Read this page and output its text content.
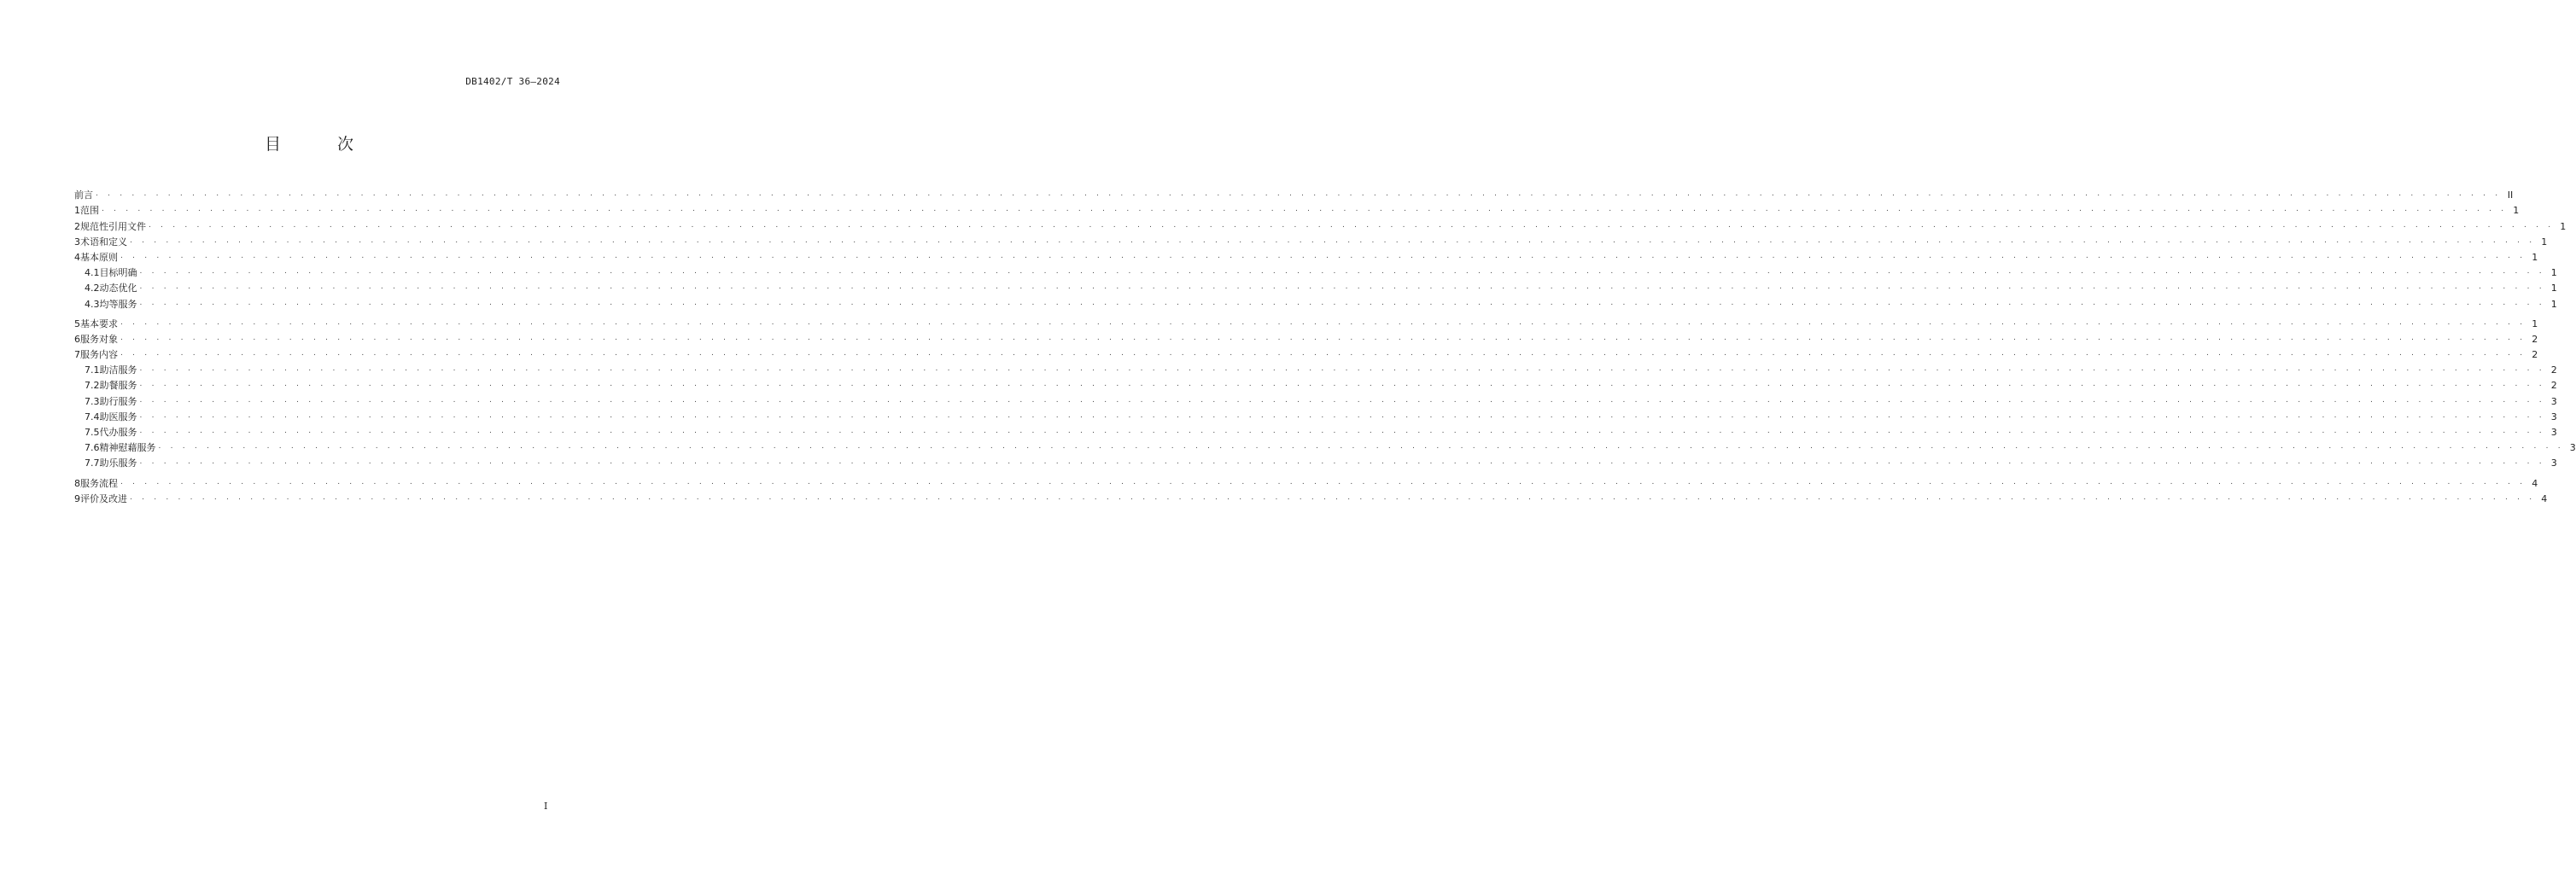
DB1402/T 36—2024
目 次
前言 . . . . . . . . . . . . . . . . . . . . . . . . . . . . . . . . . . . . . . . . . . . . . . . . . . . . . . . . . . . . . . . . . . . . . . . . . . . . . . . . . . . . . . . . . . . . . . . . . . . . . . . . . . . . . . . . . . . . . . . . . . . . . . . . . . . . . . . . . . . . . . . . . . . . . . . . . . . . . . . . . . . . . . . . . . . . . . . . . . . . . . . . . . . . . . . . . . . . . . . . II
1 范围 . . . . . . . . . . . . . . . . . . . . . . . . . . . . . . . . . . . . . . . . . . . . . . . . . . . . . . . . . . . . . . . . . . . . . . . . . . . . . . . . . . . . . . . . . . . . . . . . . . . . . . . . . . . . . . . . . . . . . . . . . . . . . . . . . . . . . . . . . . . . . . . . . . . . . . . . . . . . . . . . . . . . . . . . . . . . . . . . . . . . . . . . . . . . . . . . . . . . . . . . 1
2 规范性引用文件 . . . . . . . . . . . . . . . . . . . . . . . . . . . . . . . . . . . . . . . . . . . . . . . . . . . . . . . . . . . . . . . . . . . . . . . . . . . . . . . . . . . . . . . . . . . . . . . . . . . . . . . . . . . . . . . . . . . . . . . . . . . . . . . . . . . . . . . . . . . . . . . . . . . . . . . . . . . . . . . . . . . . . . . . . . . . . . . . . . . . . . . . . . . . . . . . . . . . . . . . 1
3 术语和定义 . . . . . . . . . . . . . . . . . . . . . . . . . . . . . . . . . . . . . . . . . . . . . . . . . . . . . . . . . . . . . . . . . . . . . . . . . . . . . . . . . . . . . . . . . . . . . . . . . . . . . . . . . . . . . . . . . . . . . . . . . . . . . . . . . . . . . . . . . . . . . . . . . . . . . . . . . . . . . . . . . . . . . . . . . . . . . . . . . . . . . . . . . . . . . . . . . . . . . . . . 1
4 基本原则 . . . . . . . . . . . . . . . . . . . . . . . . . . . . . . . . . . . . . . . . . . . . . . . . . . . . . . . . . . . . . . . . . . . . . . . . . . . . . . . . . . . . . . . . . . . . . . . . . . . . . . . . . . . . . . . . . . . . . . . . . . . . . . . . . . . . . . . . . . . . . . . . . . . . . . . . . . . . . . . . . . . . . . . . . . . . . . . . . . . . . . . . . . . . . . . . . . . . . . . . 1
4.1 目标明确 . . . . . . . . . . . . . . . . . . . . . . . . . . . . . . . . . . . . . . . . . . . . . . . . . . . . . . . . . . . . . . . . . . . . . . . . . . . . . . . . . . . . . . . . . . . . . . . . . . . . . . . . . . . . . . . . . . . . . . . . . . . . . . . . . . . . . . . . . . . . . . . . . . . . . . . . . . . . . . . . . . . . . . . . . . . . . . . . . . . . . . . . . . . . . . . . . . . . . . . . 1
4.2 动态优化 . . . . . . . . . . . . . . . . . . . . . . . . . . . . . . . . . . . . . . . . . . . . . . . . . . . . . . . . . . . . . . . . . . . . . . . . . . . . . . . . . . . . . . . . . . . . . . . . . . . . . . . . . . . . . . . . . . . . . . . . . . . . . . . . . . . . . . . . . . . . . . . . . . . . . . . . . . . . . . . . . . . . . . . . . . . . . . . . . . . . . . . . . . . . . . . . . . . . . . . . 1
4.3 均等服务 . . . . . . . . . . . . . . . . . . . . . . . . . . . . . . . . . . . . . . . . . . . . . . . . . . . . . . . . . . . . . . . . . . . . . . . . . . . . . . . . . . . . . . . . . . . . . . . . . . . . . . . . . . . . . . . . . . . . . . . . . . . . . . . . . . . . . . . . . . . . . . . . . . . . . . . . . . . . . . . . . . . . . . . . . . . . . . . . . . . . . . . . . . . . . . . . . . . . . . . . 1
5 基本要求 . . . . . . . . . . . . . . . . . . . . . . . . . . . . . . . . . . . . . . . . . . . . . . . . . . . . . . . . . . . . . . . . . . . . . . . . . . . . . . . . . . . . . . . . . . . . . . . . . . . . . . . . . . . . . . . . . . . . . . . . . . . . . . . . . . . . . . . . . . . . . . . . . . . . . . . . . . . . . . . . . . . . . . . . . . . . . . . . . . . . . . . . . . . . . . . . . . . . . . . . 1
6 服务对象 . . . . . . . . . . . . . . . . . . . . . . . . . . . . . . . . . . . . . . . . . . . . . . . . . . . . . . . . . . . . . . . . . . . . . . . . . . . . . . . . . . . . . . . . . . . . . . . . . . . . . . . . . . . . . . . . . . . . . . . . . . . . . . . . . . . . . . . . . . . . . . . . . . . . . . . . . . . . . . . . . . . . . . . . . . . . . . . . . . . . . . . . . . . . . . . . . . . . . . . . 2
7 服务内容 . . . . . . . . . . . . . . . . . . . . . . . . . . . . . . . . . . . . . . . . . . . . . . . . . . . . . . . . . . . . . . . . . . . . . . . . . . . . . . . . . . . . . . . . . . . . . . . . . . . . . . . . . . . . . . . . . . . . . . . . . . . . . . . . . . . . . . . . . . . . . . . . . . . . . . . . . . . . . . . . . . . . . . . . . . . . . . . . . . . . . . . . . . . . . . . . . . . . . . . . 2
7.1 助洁服务 . . . . . . . . . . . . . . . . . . . . . . . . . . . . . . . . . . . . . . . . . . . . . . . . . . . . . . . . . . . . . . . . . . . . . . . . . . . . . . . . . . . . . . . . . . . . . . . . . . . . . . . . . . . . . . . . . . . . . . . . . . . . . . . . . . . . . . . . . . . . . . . . . . . . . . . . . . . . . . . . . . . . . . . . . . . . . . . . . . . . . . . . . . . . . . . . . . . . . . . . 2
7.2 助餐服务 . . . . . . . . . . . . . . . . . . . . . . . . . . . . . . . . . . . . . . . . . . . . . . . . . . . . . . . . . . . . . . . . . . . . . . . . . . . . . . . . . . . . . . . . . . . . . . . . . . . . . . . . . . . . . . . . . . . . . . . . . . . . . . . . . . . . . . . . . . . . . . . . . . . . . . . . . . . . . . . . . . . . . . . . . . . . . . . . . . . . . . . . . . . . . . . . . . . . . . . . 2
7.3 助行服务 . . . . . . . . . . . . . . . . . . . . . . . . . . . . . . . . . . . . . . . . . . . . . . . . . . . . . . . . . . . . . . . . . . . . . . . . . . . . . . . . . . . . . . . . . . . . . . . . . . . . . . . . . . . . . . . . . . . . . . . . . . . . . . . . . . . . . . . . . . . . . . . . . . . . . . . . . . . . . . . . . . . . . . . . . . . . . . . . . . . . . . . . . . . . . . . . . . . . . . . . 3
7.4 助医服务 . . . . . . . . . . . . . . . . . . . . . . . . . . . . . . . . . . . . . . . . . . . . . . . . . . . . . . . . . . . . . . . . . . . . . . . . . . . . . . . . . . . . . . . . . . . . . . . . . . . . . . . . . . . . . . . . . . . . . . . . . . . . . . . . . . . . . . . . . . . . . . . . . . . . . . . . . . . . . . . . . . . . . . . . . . . . . . . . . . . . . . . . . . . . . . . . . . . . . . . . 3
7.5 代办服务 . . . . . . . . . . . . . . . . . . . . . . . . . . . . . . . . . . . . . . . . . . . . . . . . . . . . . . . . . . . . . . . . . . . . . . . . . . . . . . . . . . . . . . . . . . . . . . . . . . . . . . . . . . . . . . . . . . . . . . . . . . . . . . . . . . . . . . . . . . . . . . . . . . . . . . . . . . . . . . . . . . . . . . . . . . . . . . . . . . . . . . . . . . . . . . . . . . . . . . . . 3
7.6 精神慰藉服务 . . . . . . . . . . . . . . . . . . . . . . . . . . . . . . . . . . . . . . . . . . . . . . . . . . . . . . . . . . . . . . . . . . . . . . . . . . . . . . . . . . . . . . . . . . . . . . . . . . . . . . . . . . . . . . . . . . . . . . . . . . . . . . . . . . . . . . . . . . . . . . . . . . . . . . . . . . . . . . . . . . . . . . . . . . . . . . . . . . . . . . . . . . . . . . . . . . . . . . . . 3
7.7 助乐服务 . . . . . . . . . . . . . . . . . . . . . . . . . . . . . . . . . . . . . . . . . . . . . . . . . . . . . . . . . . . . . . . . . . . . . . . . . . . . . . . . . . . . . . . . . . . . . . . . . . . . . . . . . . . . . . . . . . . . . . . . . . . . . . . . . . . . . . . . . . . . . . . . . . . . . . . . . . . . . . . . . . . . . . . . . . . . . . . . . . . . . . . . . . . . . . . . . . . . . . . . 3
8 服务流程 . . . . . . . . . . . . . . . . . . . . . . . . . . . . . . . . . . . . . . . . . . . . . . . . . . . . . . . . . . . . . . . . . . . . . . . . . . . . . . . . . . . . . . . . . . . . . . . . . . . . . . . . . . . . . . . . . . . . . . . . . . . . . . . . . . . . . . . . . . . . . . . . . . . . . . . . . . . . . . . . . . . . . . . . . . . . . . . . . . . . . . . . . . . . . . . . . . . . . . . . 4
9 评价及改进 . . . . . . . . . . . . . . . . . . . . . . . . . . . . . . . . . . . . . . . . . . . . . . . . . . . . . . . . . . . . . . . . . . . . . . . . . . . . . . . . . . . . . . . . . . . . . . . . . . . . . . . . . . . . . . . . . . . . . . . . . . . . . . . . . . . . . . . . . . . . . . . . . . . . . . . . . . . . . . . . . . . . . . . . . . . . . . . . . . . . . . . . . . . . . . . . . . . . . . . . 4
I
